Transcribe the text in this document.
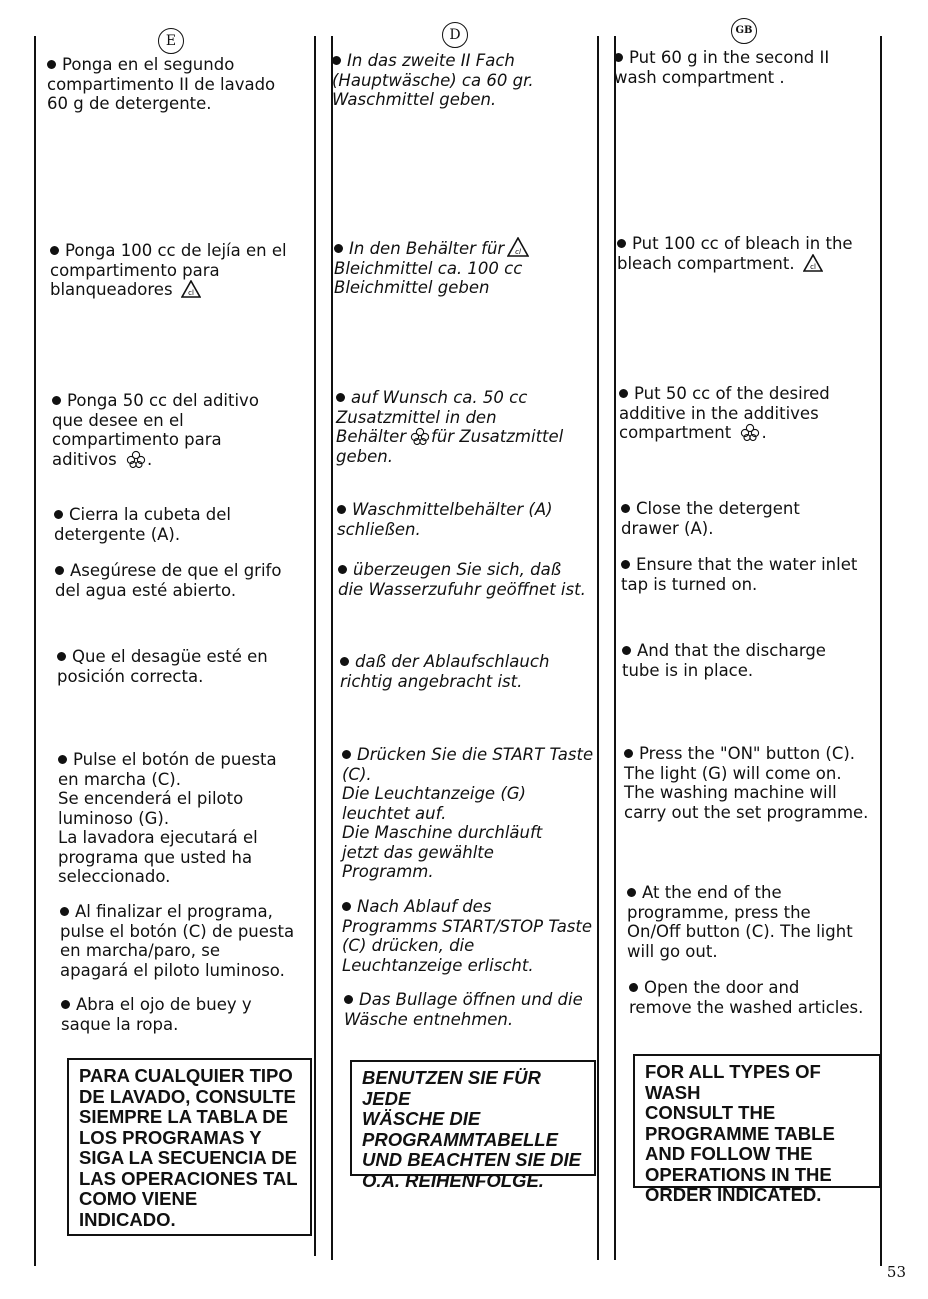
E	D	GB
Ponga en el segundo
compartimento II de lavado
60 g de detergente.
Ponga 100 cc de lejía en el
compartimento para
blanqueadores cl
Ponga 50 cc del aditivo
que desee en el
compartimento para
aditivos .
Cierra la cubeta del
detergente (A).
Asegúrese de que el grifo
del agua esté abierto.
Que el desagüe esté en
posición correcta.
Pulse el botón de puesta
en marcha (C).
Se encenderá el piloto
luminoso (G).
La lavadora ejecutará el
programa que usted ha
seleccionado.
Al finalizar el programa,
pulse el botón (C) de puesta
en marcha/paro, se
apagará el piloto luminoso.
Abra el ojo de buey y
saque la ropa.
PARA CUALQUIER TIPO
DE LAVADO, CONSULTE
SIEMPRE LA TABLA DE
LOS PROGRAMAS Y
SIGA LA SECUENCIA DE
LAS OPERACIONES TAL
COMO VIENE
INDICADO.
In das zweite II Fach
(Hauptwäsche) ca 60 gr.
Waschmittel geben.
In den Behälter für cl

Bleichmittel ca. 100 cc
Bleichmittel geben
auf Wunsch ca. 50 cc
Zusatzmittel in den
Behälter für Zusatzmittel
geben.
Waschmittelbehälter (A)
schließen.
überzeugen Sie sich, daß
die Wasserzufuhr geöffnet ist.
daß der Ablaufschlauch
richtig angebracht ist.
Drücken Sie die START Taste
(C).
Die Leuchtanzeige (G)
leuchtet auf.
Die Maschine durchläuft
jetzt das gewählte
Programm.
Nach Ablauf des
Programms START/STOP Taste
(C) drücken, die
Leuchtanzeige erlischt.
Das Bullage öffnen und die
Wäsche entnehmen.
BENUTZEN SIE FÜR JEDE
WÄSCHE DIE
PROGRAMMTABELLE
UND BEACHTEN SIE DIE
O.A. REIHENFOLGE.
Put 60 g in the second II
wash compartment .
Put 100 cc of bleach in the
bleach compartment. cl
Put 50 cc of the desired
additive in the additives
compartment .
Close the detergent
drawer (A).
Ensure that the water inlet
tap is turned on.
And that the discharge
tube is in place.
Press the "ON" button (C).
The light (G) will come on.
The washing machine will
carry out the set programme.
At the end of the
programme, press the
On/Off button (C). The light
will go out.
Open the door and
remove the washed articles.
FOR ALL TYPES OF WASH
CONSULT THE
PROGRAMME TABLE
AND FOLLOW THE
OPERATIONS IN THE
ORDER INDICATED.
53
